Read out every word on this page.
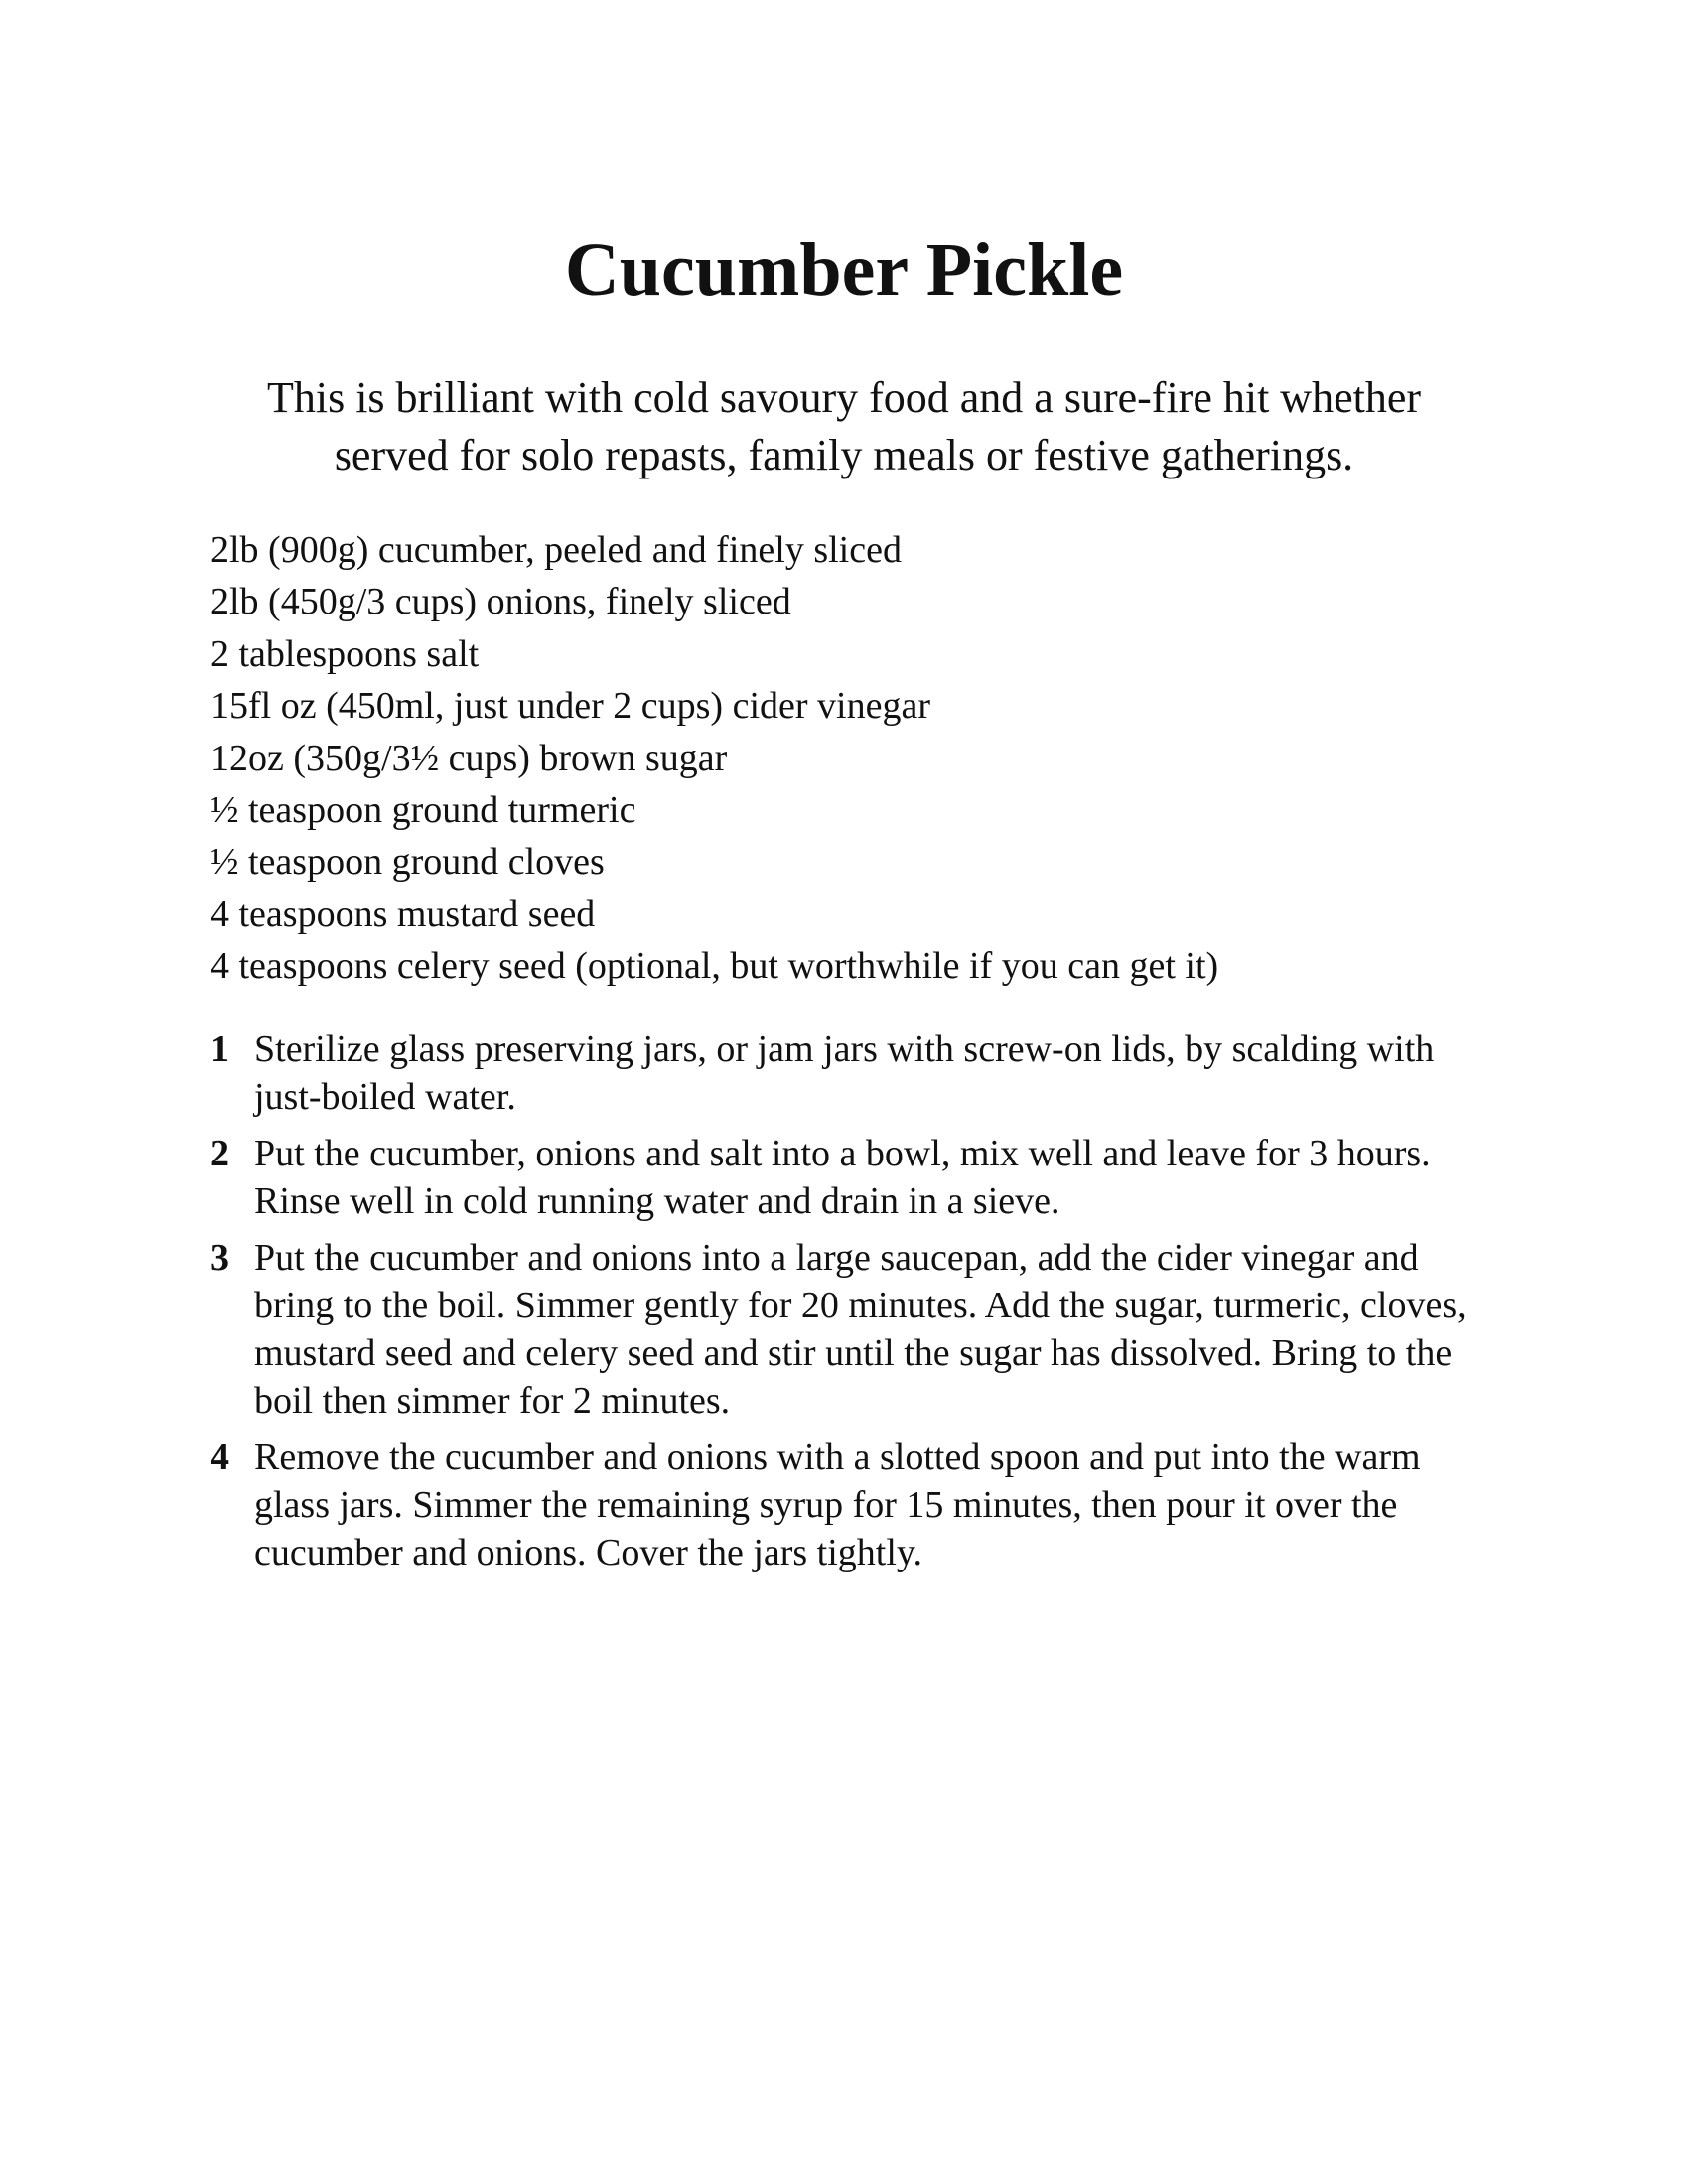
Cucumber Pickle

This is brilliant with cold savoury food and a sure-fire hit whether served for solo repasts, family meals or festive gatherings.

2lb (900g) cucumber, peeled and finely sliced
2lb (450g/3 cups) onions, finely sliced
2 tablespoons salt
15fl oz (450ml, just under 2 cups) cider vinegar
12oz (350g/3½ cups) brown sugar
½ teaspoon ground turmeric
½ teaspoon ground cloves
4 teaspoons mustard seed
4 teaspoons celery seed (optional, but worthwhile if you can get it)
1 Sterilize glass preserving jars, or jam jars with screw-on lids, by scalding with just-boiled water.
2 Put the cucumber, onions and salt into a bowl, mix well and leave for 3 hours. Rinse well in cold running water and drain in a sieve.
3 Put the cucumber and onions into a large saucepan, add the cider vinegar and bring to the boil. Simmer gently for 20 minutes. Add the sugar, turmeric, cloves, mustard seed and celery seed and stir until the sugar has dissolved. Bring to the boil then simmer for 2 minutes.
4 Remove the cucumber and onions with a slotted spoon and put into the warm glass jars. Simmer the remaining syrup for 15 minutes, then pour it over the cucumber and onions. Cover the jars tightly.
